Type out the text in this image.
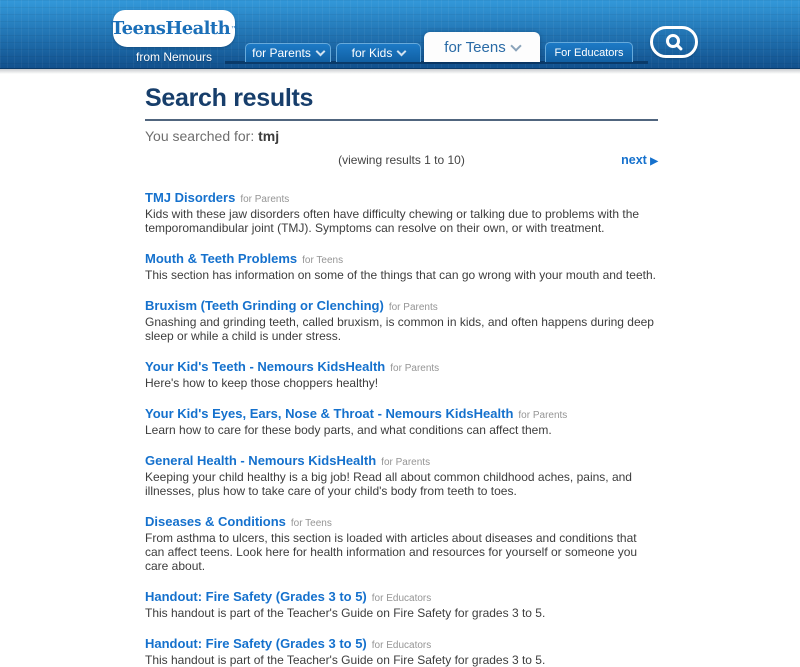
TeensHealth ™
from Nemours	for Parents	for Kids	for Teens	For Educators
Search results
You searched for: tmj
(viewing results 1 to 10)	next ▶
TMJ Disorders for Parents

Kids with these jaw disorders often have difficulty chewing or talking due to problems with the temporomandibular joint (TMJ). Symptoms can resolve on their own, or with treatment.

Mouth & Teeth Problems for Teens

This section has information on some of the things that can go wrong with your mouth and teeth.

Bruxism (Teeth Grinding or Clenching) for Parents

Gnashing and grinding teeth, called bruxism, is common in kids, and often happens during deep sleep or while a child is under stress.

Your Kid's Teeth - Nemours KidsHealth for Parents

Here's how to keep those choppers healthy!

Your Kid's Eyes, Ears, Nose & Throat - Nemours KidsHealth for Parents

Learn how to care for these body parts, and what conditions can affect them.

General Health - Nemours KidsHealth for Parents

Keeping your child healthy is a big job! Read all about common childhood aches, pains, and illnesses, plus how to take care of your child's body from teeth to toes.

Diseases & Conditions for Teens

From asthma to ulcers, this section is loaded with articles about diseases and conditions that can affect teens. Look here for health information and resources for yourself or someone you care about.

Handout: Fire Safety (Grades 3 to 5) for Educators

This handout is part of the Teacher's Guide on Fire Safety for grades 3 to 5.

Handout: Fire Safety (Grades 3 to 5) for Educators

This handout is part of the Teacher's Guide on Fire Safety for grades 3 to 5.
